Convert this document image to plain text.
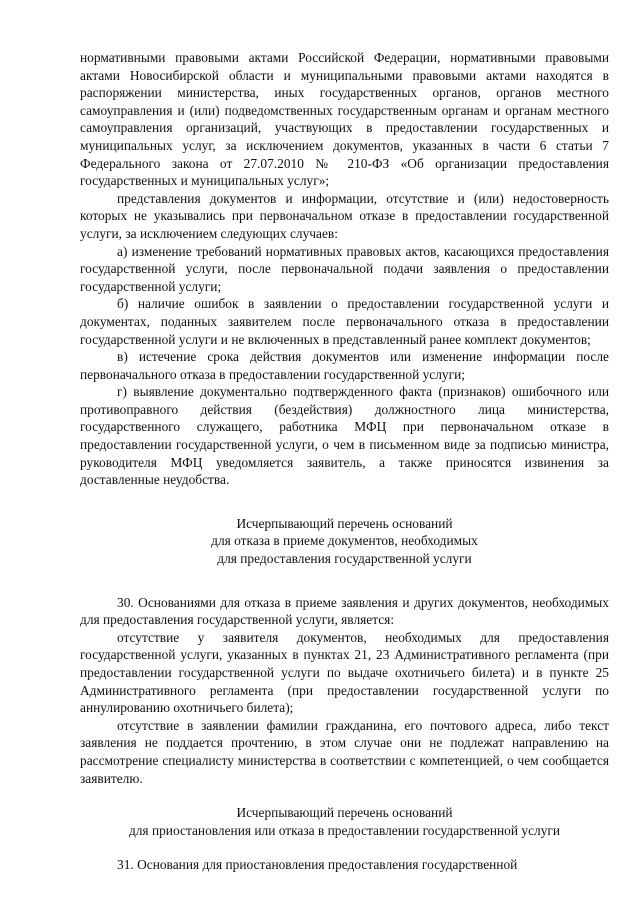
нормативными правовыми актами Российской Федерации, нормативными правовыми актами Новосибирской области и муниципальными правовыми актами находятся в распоряжении министерства, иных государственных органов, органов местного самоуправления и (или) подведомственных государственным органам и органам местного самоуправления организаций, участвующих в предоставлении государственных и муниципальных услуг, за исключением документов, указанных в части 6 статьи 7 Федерального закона от 27.07.2010 № 210-ФЗ «Об организации предоставления государственных и муниципальных услуг»;

представления документов и информации, отсутствие и (или) недостоверность которых не указывались при первоначальном отказе в предоставлении государственной услуги, за исключением следующих случаев:

а) изменение требований нормативных правовых актов, касающихся предоставления государственной услуги, после первоначальной подачи заявления о предоставлении государственной услуги;

б) наличие ошибок в заявлении о предоставлении государственной услуги и документах, поданных заявителем после первоначального отказа в предоставлении государственной услуги и не включенных в представленный ранее комплект документов;

в) истечение срока действия документов или изменение информации после первоначального отказа в предоставлении государственной услуги;

г) выявление документально подтвержденного факта (признаков) ошибочного или противоправного действия (бездействия) должностного лица министерства, государственного служащего, работника МФЦ при первоначальном отказе в предоставлении государственной услуги, о чем в письменном виде за подписью министра, руководителя МФЦ уведомляется заявитель, а также приносятся извинения за доставленные неудобства.

Исчерпывающий перечень оснований

для отказа в приеме документов, необходимых

для предоставления государственной услуги

30. Основаниями для отказа в приеме заявления и других документов, необходимых для предоставления государственной услуги, является:

отсутствие у заявителя документов, необходимых для предоставления государственной услуги, указанных в пунктах 21, 23 Административного регламента (при предоставлении государственной услуги по выдаче охотничьего билета) и в пункте 25 Административного регламента (при предоставлении государственной услуги по аннулированию охотничьего билета);

отсутствие в заявлении фамилии гражданина, его почтового адреса, либо текст заявления не поддается прочтению, в этом случае они не подлежат направлению на рассмотрение специалисту министерства в соответствии с компетенцией, о чем сообщается заявителю.

Исчерпывающий перечень оснований

для приостановления или отказа в предоставлении государственной услуги

31. Основания для приостановления предоставления государственной
